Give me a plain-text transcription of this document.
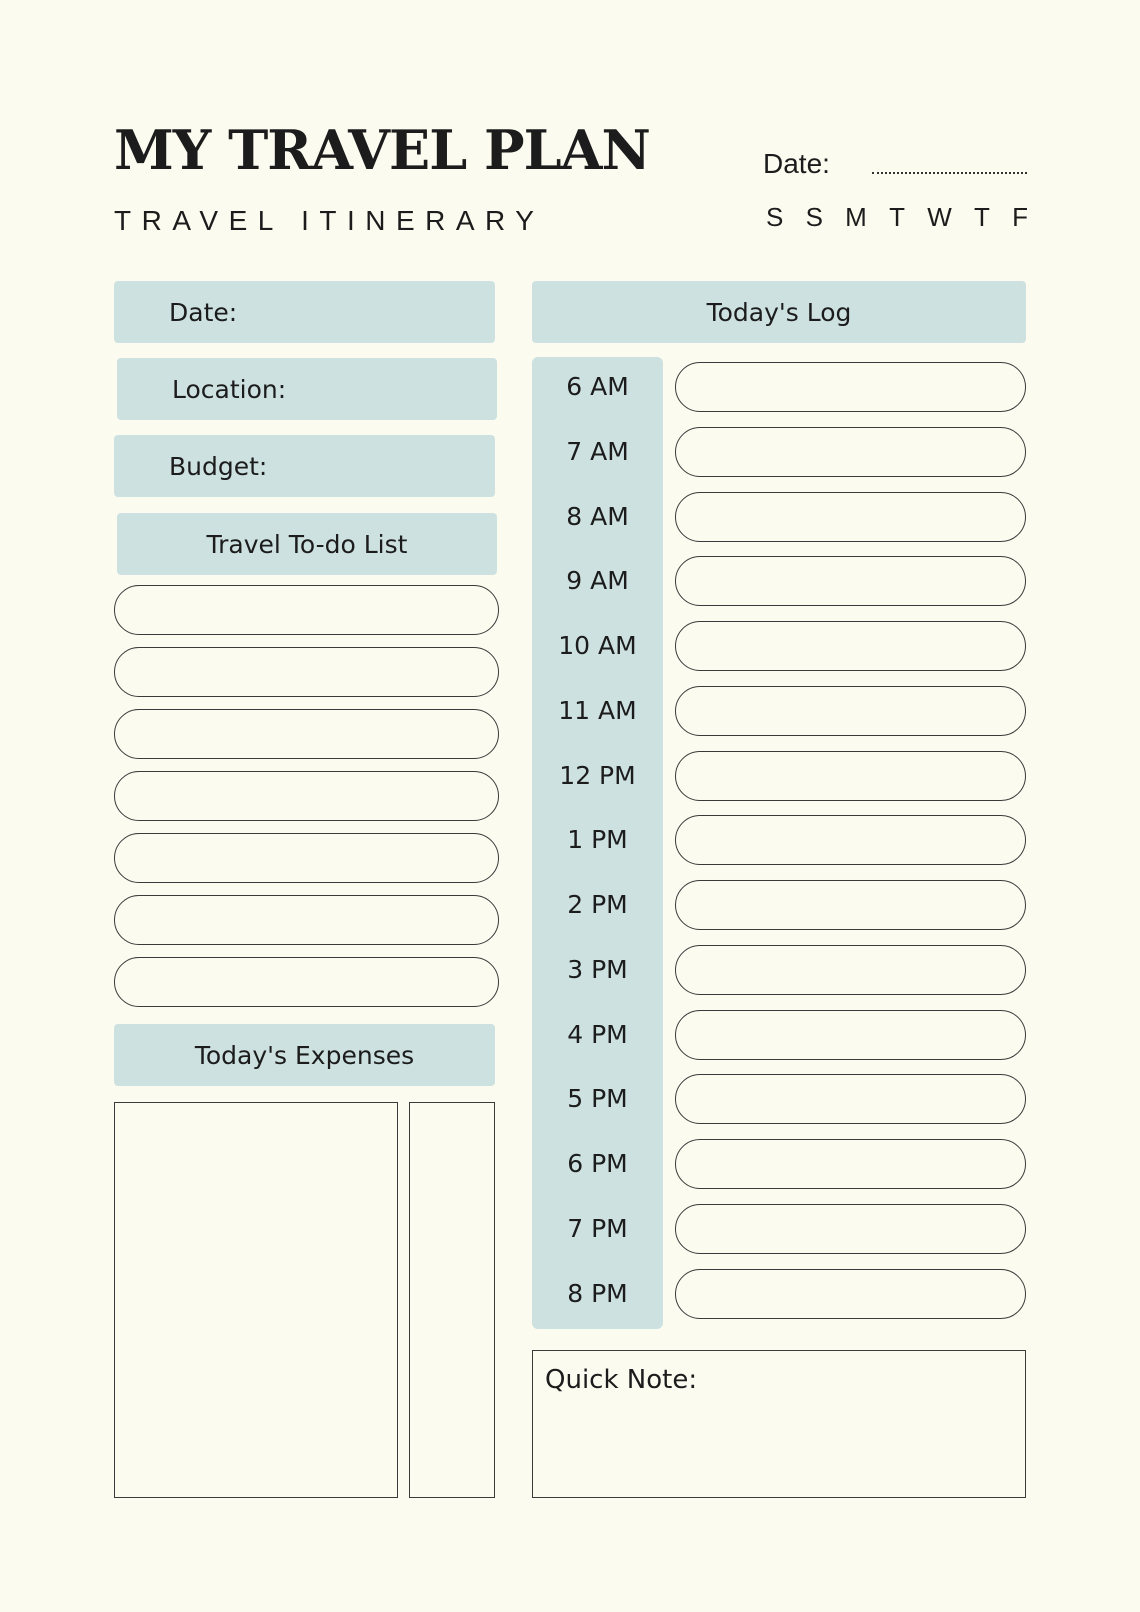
MY TRAVEL PLAN
TRAVEL ITINERARY
Date:
S S M T W T F
Date:
Location:
Budget:
Travel To-do List
Today's Expenses
Today's Log
6 AM
7 AM
8 AM
9 AM
10 AM
11 AM
12 PM
1 PM
2 PM
3 PM
4 PM
5 PM
6 PM
7 PM
8 PM
Quick Note:
